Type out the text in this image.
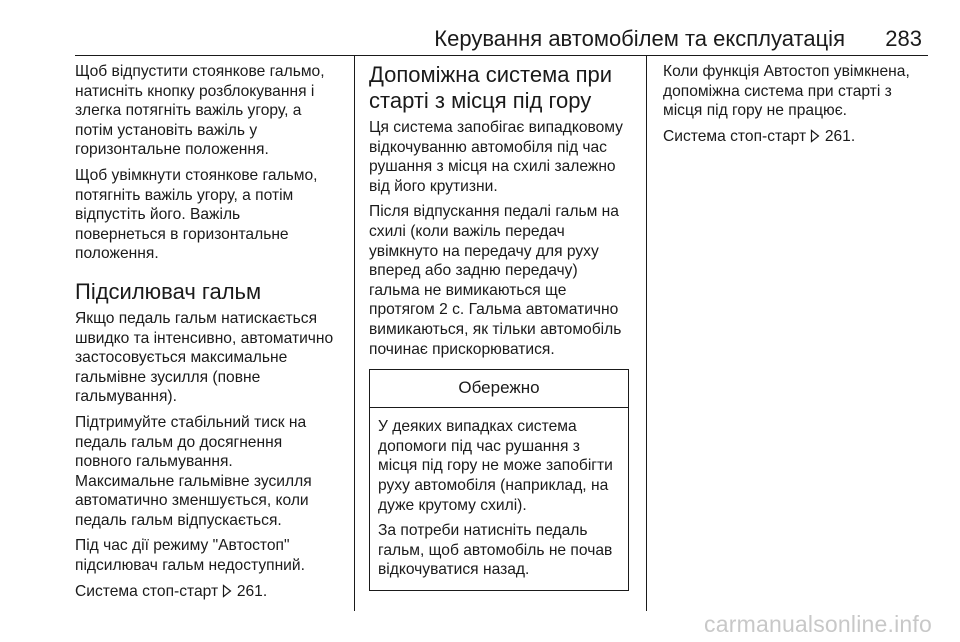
Керування автомобілем та експлуатація 283

Щоб відпустити стоянкове гальмо,
натисніть кнопку розблокування і
злегка потягніть важіль угору, а
потім установіть важіль у
горизонтальне положення.

Щоб увімкнути стоянкове гальмо,
потягніть важіль угору, а потім
відпустіть його. Важіль
повернеться в горизонтальне
положення.

Підсилювач гальм

Якщо педаль гальм натискається
швидко та інтенсивно, автоматично
застосовується максимальне
гальмівне зусилля (повне
гальмування).

Підтримуйте стабільний тиск на
педаль гальм до досягнення
повного гальмування.
Максимальне гальмівне зусилля
автоматично зменшується, коли
педаль гальм відпускається.

Під час дії режиму "Автостоп"
підсилювач гальм недоступний.

Система стоп-старт 261.

Допоміжна система при
старті з місця під гору

Ця система запобігає випадковому
відкочуванню автомобіля під час
рушання з місця на схилі залежно
від його крутизни.

Після відпускання педалі гальм на
схилі (коли важіль передач
увімкнуто на передачу для руху
вперед або задню передачу)
гальма не вимикаються ще
протягом 2 с. Гальма автоматично
вимикаються, як тільки автомобіль
починає прискорюватися.

Обережно

У деяких випадках система
допомоги під час рушання з
місця під гору не може запобігти
руху автомобіля (наприклад, на
дуже крутому схилі).

За потреби натисніть педаль
гальм, щоб автомобіль не почав
відкочуватися назад.

Коли функція Автостоп увімкнена,
допоміжна система при старті з
місця під гору не працює.

Система стоп-старт 261.

carmanualsonline.info
